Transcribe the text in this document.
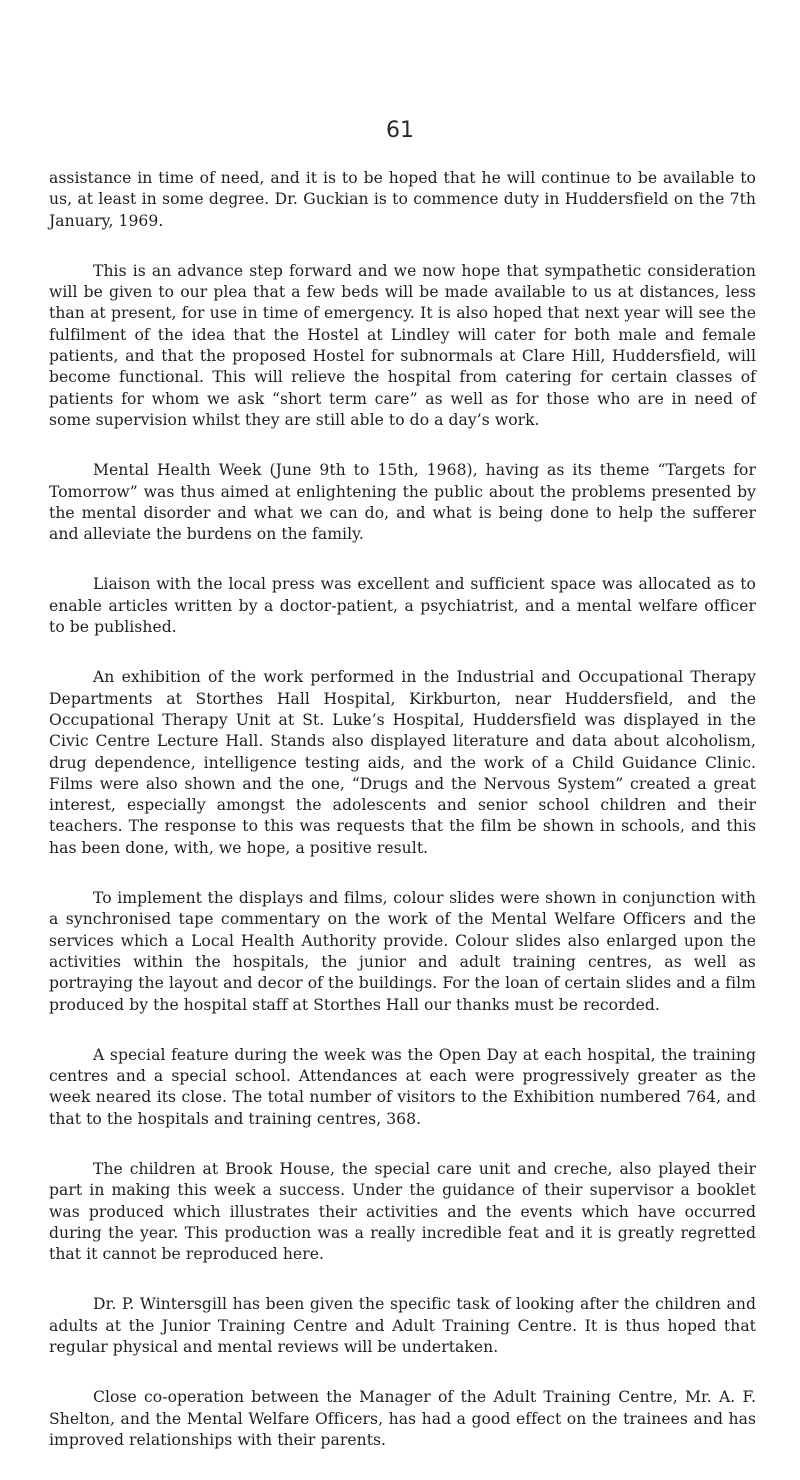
61

assistance in time of need, and it is to be hoped that he will continue to be available to us, at least in some degree. Dr. Guckian is to commence duty in Huddersfield on the 7th January, 1969.

This is an advance step forward and we now hope that sympathetic consideration will be given to our plea that a few beds will be made available to us at distances, less than at present, for use in time of emergency. It is also hoped that next year will see the fulfilment of the idea that the Hostel at Lindley will cater for both male and female patients, and that the proposed Hostel for subnormals at Clare Hill, Huddersfield, will become functional. This will relieve the hospital from catering for certain classes of patients for whom we ask “short term care” as well as for those who are in need of some supervision whilst they are still able to do a day’s work.

Mental Health Week (June 9th to 15th, 1968), having as its theme “Targets for Tomorrow” was thus aimed at enlightening the public about the problems presented by the mental disorder and what we can do, and what is being done to help the sufferer and alleviate the burdens on the family.

Liaison with the local press was excellent and sufficient space was allocated as to enable articles written by a doctor-patient, a psychiatrist, and a mental welfare officer to be published.

An exhibition of the work performed in the Industrial and Occupational Therapy Departments at Storthes Hall Hospital, Kirkburton, near Huddersfield, and the Occupational Therapy Unit at St. Luke’s Hospital, Huddersfield was displayed in the Civic Centre Lecture Hall. Stands also displayed literature and data about alcoholism, drug dependence, intelligence testing aids, and the work of a Child Guidance Clinic. Films were also shown and the one, “Drugs and the Nervous System” created a great interest, especially amongst the adolescents and senior school children and their teachers. The response to this was requests that the film be shown in schools, and this has been done, with, we hope, a positive result.

To implement the displays and films, colour slides were shown in conjunction with a synchronised tape commentary on the work of the Mental Welfare Officers and the services which a Local Health Authority provide. Colour slides also enlarged upon the activities within the hospitals, the junior and adult training centres, as well as portraying the layout and decor of the buildings. For the loan of certain slides and a film produced by the hospital staff at Storthes Hall our thanks must be recorded.

A special feature during the week was the Open Day at each hospital, the training centres and a special school. Attendances at each were progressively greater as the week neared its close. The total number of visitors to the Exhibition numbered 764, and that to the hospitals and training centres, 368.

The children at Brook House, the special care unit and creche, also played their part in making this week a success. Under the guidance of their supervisor a booklet was produced which illustrates their activities and the events which have occurred during the year. This production was a really incredible feat and it is greatly regretted that it cannot be reproduced here.

Dr. P. Wintersgill has been given the specific task of looking after the children and adults at the Junior Training Centre and Adult Training Centre. It is thus hoped that regular physical and mental reviews will be undertaken.

Close co-operation between the Manager of the Adult Training Centre, Mr. A. F. Shelton, and the Mental Welfare Officers, has had a good effect on the trainees and has improved relationships with their parents.
